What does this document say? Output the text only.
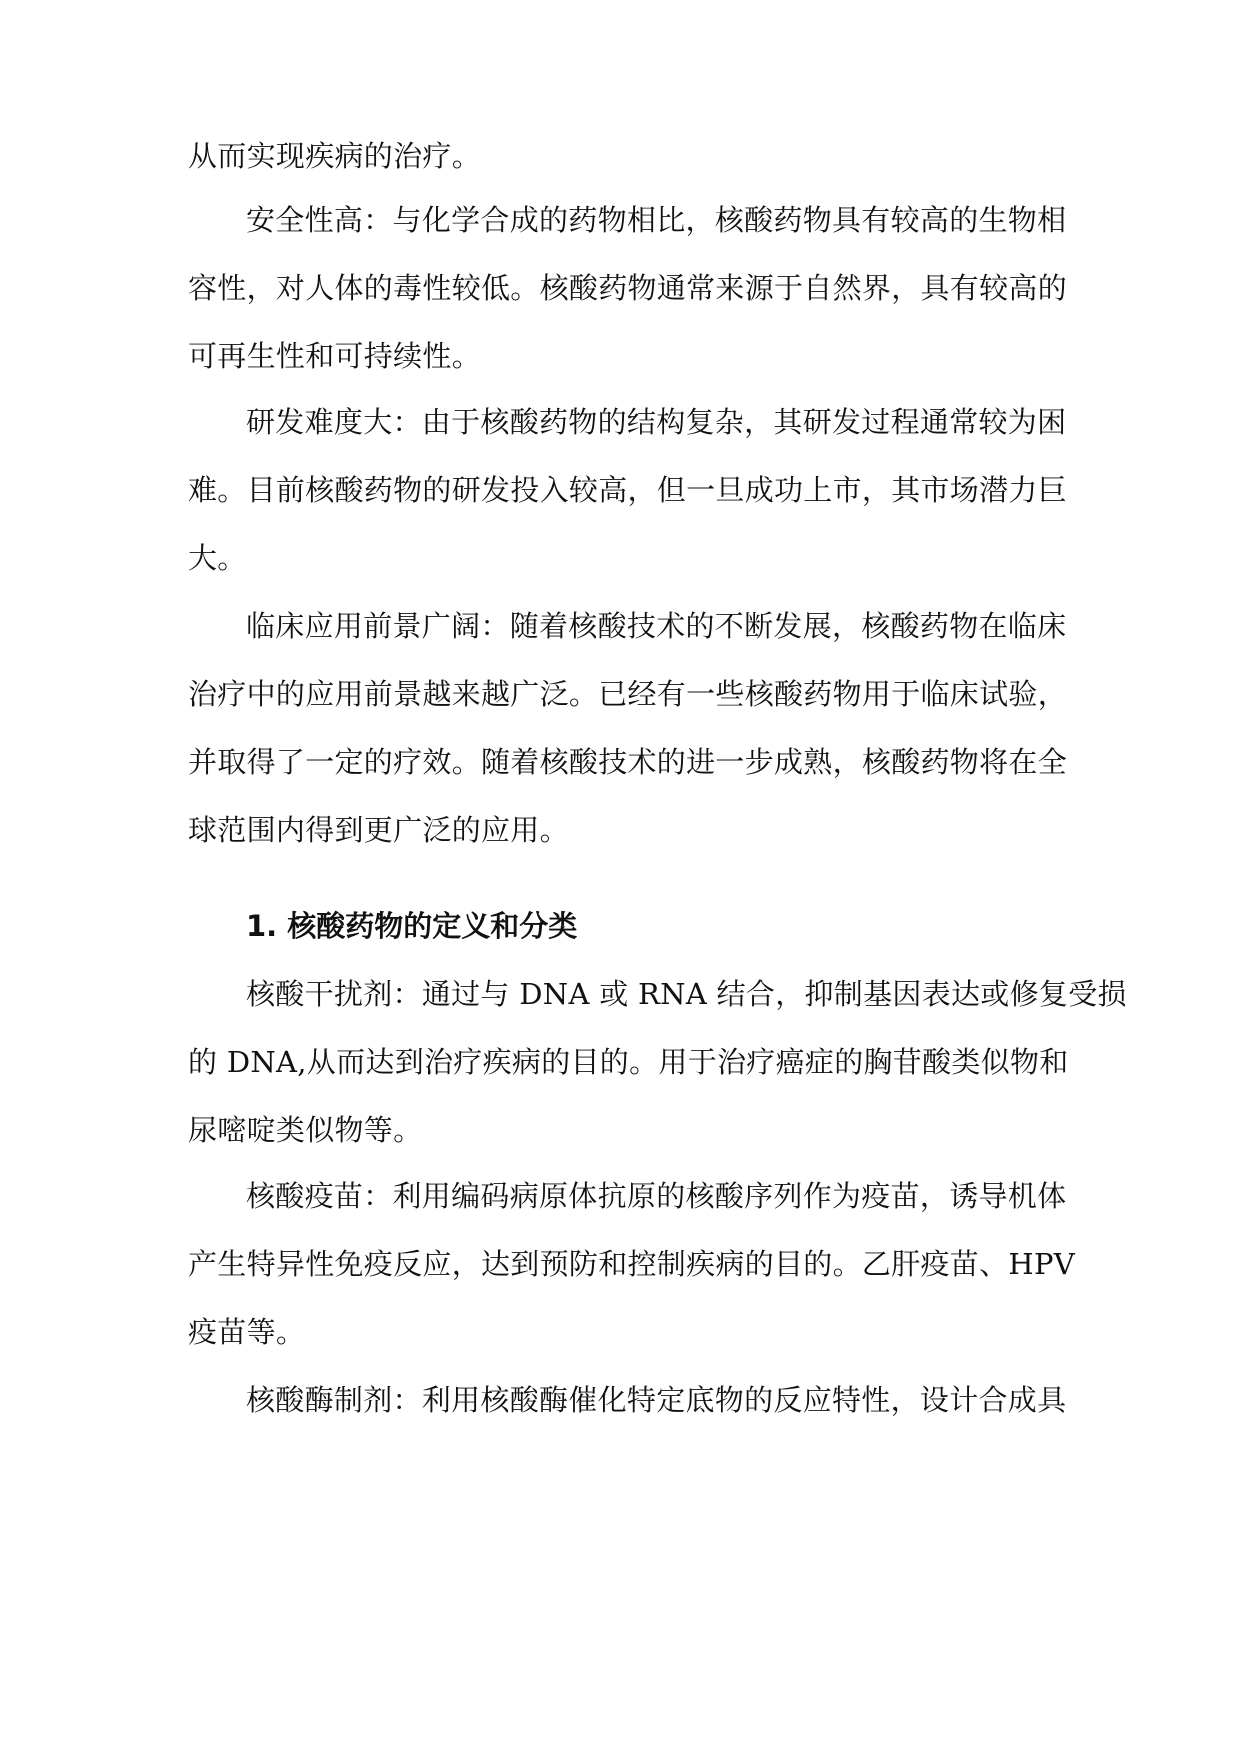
从而实现疾病的治疗。
安全性高：与化学合成的药物相比，核酸药物具有较高的生物相
容性，对人体的毒性较低。核酸药物通常来源于自然界，具有较高的
可再生性和可持续性。
研发难度大：由于核酸药物的结构复杂，其研发过程通常较为困
难。目前核酸药物的研发投入较高，但一旦成功上市，其市场潜力巨
大。
临床应用前景广阔：随着核酸技术的不断发展，核酸药物在临床
治疗中的应用前景越来越广泛。已经有一些核酸药物用于临床试验，
并取得了一定的疗效。随着核酸技术的进一步成熟，核酸药物将在全
球范围内得到更广泛的应用。
1. 核酸药物的定义和分类
核酸干扰剂：通过与 DNA 或 RNA 结合，抑制基因表达或修复受损
的 DNA,从而达到治疗疾病的目的。用于治疗癌症的胸苷酸类似物和
尿嘧啶类似物等。
核酸疫苗：利用编码病原体抗原的核酸序列作为疫苗，诱导机体
产生特异性免疫反应，达到预防和控制疾病的目的。乙肝疫苗、HPV
疫苗等。
核酸酶制剂：利用核酸酶催化特定底物的反应特性，设计合成具
